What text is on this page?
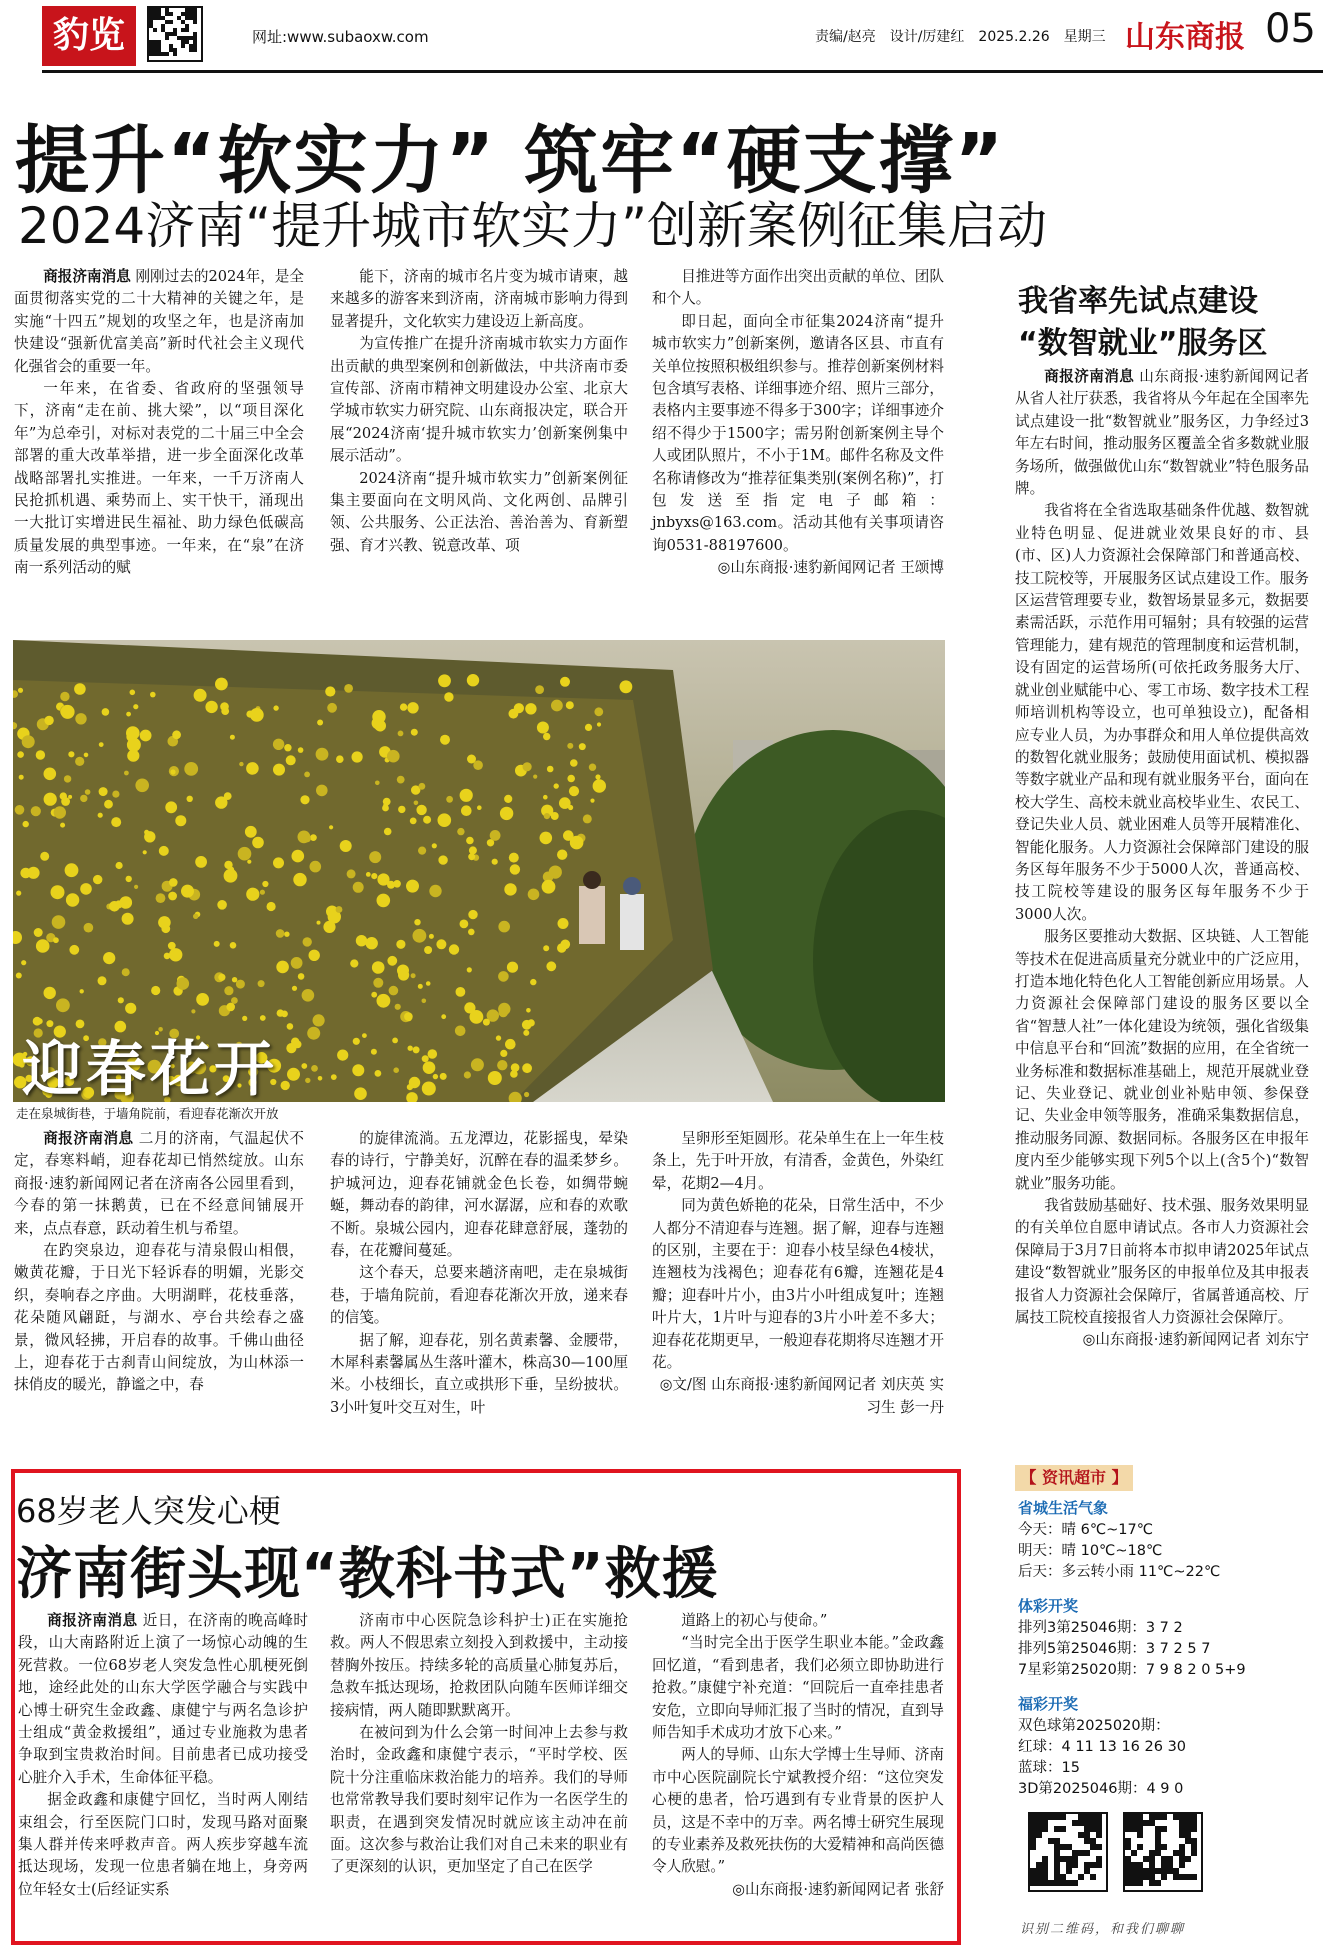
豹览	网址:www.subaoxw.com	责编/赵亮　设计/厉建红　2025.2.26　星期三 山东商报 05
提升“软实力” 筑牢“硬支撑”
2024济南“提升城市软实力”创新案例征集启动

商报济南消息 刚刚过去的2024年，是全面贯彻落实党的二十大精神的关键之年，是实施“十四五”规划的攻坚之年，也是济南加快建设“强新优富美高”新时代社会主义现代化强省会的重要一年。

一年来，在省委、省政府的坚强领导下，济南“走在前、挑大梁”，以“项目深化年”为总牵引，对标对表党的二十届三中全会部署的重大改革举措，进一步全面深化改革战略部署扎实推进。一年来，一千万济南人民抢抓机遇、乘势而上、实干快干，涌现出一大批订实增进民生福祉、助力绿色低碳高质量发展的典型事迹。一年来，在“泉”在济南一系列活动的赋

能下，济南的城市名片变为城市请柬，越来越多的游客来到济南，济南城市影响力得到显著提升，文化软实力建设迈上新高度。

为宣传推广在提升济南城市软实力方面作出贡献的典型案例和创新做法，中共济南市委宣传部、济南市精神文明建设办公室、北京大学城市软实力研究院、山东商报决定，联合开展“2024济南‘提升城市软实力’创新案例集中展示活动”。

2024济南“提升城市软实力”创新案例征集主要面向在文明风尚、文化两创、品牌引领、公共服务、公正法治、善治善为、育新塑强、育才兴教、锐意改革、项

目推进等方面作出突出贡献的单位、团队和个人。

即日起，面向全市征集2024济南“提升城市软实力”创新案例，邀请各区县、市直有关单位按照积极组织参与。推荐创新案例材料包含填写表格、详细事迹介绍、照片三部分，表格内主要事迹不得多于300字；详细事迹介绍不得少于1500字；需另附创新案例主导个人或团队照片，不小于1M。邮件名称及文件名称请修改为“推荐征集类别(案例名称)”，打包发送至指定电子邮箱：jnbyxs@163.com。活动其他有关事项请咨询0531-88197600。

◎山东商报·速豹新闻网记者 王颂博

我省率先试点建设
“数智就业”服务区

商报济南消息 山东商报·速豹新闻网记者从省人社厅获悉，我省将从今年起在全国率先试点建设一批“数智就业”服务区，力争经过3年左右时间，推动服务区覆盖全省多数就业服务场所，做强做优山东“数智就业”特色服务品牌。

我省将在全省选取基础条件优越、数智就业特色明显、促进就业效果良好的市、县(市、区)人力资源社会保障部门和普通高校、技工院校等，开展服务区试点建设工作。服务区运营管理要专业，数智场景显多元，数据要素需活跃，示范作用可辐射；具有较强的运营管理能力，建有规范的管理制度和运营机制，设有固定的运营场所(可依托政务服务大厅、就业创业赋能中心、零工市场、数字技术工程师培训机构等设立，也可单独设立)，配备相应专业人员，为办事群众和用人单位提供高效的数智化就业服务；鼓励使用面试机、模拟器等数字就业产品和现有就业服务平台，面向在校大学生、高校未就业高校毕业生、农民工、登记失业人员、就业困难人员等开展精准化、智能化服务。人力资源社会保障部门建设的服务区每年服务不少于5000人次，普通高校、技工院校等建设的服务区每年服务不少于3000人次。

服务区要推动大数据、区块链、人工智能等技术在促进高质量充分就业中的广泛应用，打造本地化特色化人工智能创新应用场景。人力资源社会保障部门建设的服务区要以全省“智慧人社”一体化建设为统领，强化省级集中信息平台和“回流”数据的应用，在全省统一业务标准和数据标准基础上，规范开展就业登记、失业登记、就业创业补贴申领、参保登记、失业金申领等服务，准确采集数据信息，推动服务同源、数据同标。各服务区在申报年度内至少能够实现下列5个以上(含5个)“数智就业”服务功能。

我省鼓励基础好、技术强、服务效果明显的有关单位自愿申请试点。各市人力资源社会保障局于3月7日前将本市拟申请2025年试点建设“数智就业”服务区的申报单位及其申报表报省人力资源社会保障厅，省属普通高校、厅属技工院校直接报省人力资源社会保障厅。

◎山东商报·速豹新闻网记者 刘东宁

迎春花开
走在泉城街巷，于墙角院前，看迎春花渐次开放

商报济南消息 二月的济南，气温起伏不定，春寒料峭，迎春花却已悄然绽放。山东商报·速豹新闻网记者在济南各公园里看到，今春的第一抹鹅黄，已在不经意间铺展开来，点点春意，跃动着生机与希望。

在趵突泉边，迎春花与清泉假山相偎，嫩黄花瓣，于日光下轻诉春的明媚，光影交织，奏响春之序曲。大明湖畔，花枝垂落，花朵随风翩跹，与湖水、亭台共绘春之盛景，微风轻拂，开启春的故事。千佛山曲径上，迎春花于古刹青山间绽放，为山林添一抹俏皮的暖光，静谧之中，春

的旋律流淌。五龙潭边，花影摇曳，晕染春的诗行，宁静美好，沉醉在春的温柔梦乡。护城河边，迎春花铺就金色长卷，如绸带蜿蜒，舞动春的韵律，河水潺潺，应和春的欢歌不断。泉城公园内，迎春花肆意舒展，蓬勃的春，在花瓣间蔓延。

这个春天，总要来趟济南吧，走在泉城街巷，于墙角院前，看迎春花渐次开放，递来春的信笺。

据了解，迎春花，别名黄素馨、金腰带，木犀科素馨属丛生落叶灌木，株高30—100厘米。小枝细长，直立或拱形下垂，呈纷披状。3小叶复叶交互对生，叶

呈卵形至矩圆形。花朵单生在上一年生枝条上，先于叶开放，有清香，金黄色，外染红晕，花期2—4月。

同为黄色娇艳的花朵，日常生活中，不少人都分不清迎春与连翘。据了解，迎春与连翘的区别，主要在于：迎春小枝呈绿色4棱状，连翘枝为浅褐色；迎春花有6瓣，连翘花是4瓣；迎春叶片小，由3片小叶组成复叶；连翘叶片大，1片叶与迎春的3片小叶差不多大；迎春花花期更早，一般迎春花期将尽连翘才开花。

◎文/图 山东商报·速豹新闻网记者 刘庆英 实习生 彭一丹

68岁老人突发心梗
济南街头现“教科书式”救援

商报济南消息 近日，在济南的晚高峰时段，山大南路附近上演了一场惊心动魄的生死营救。一位68岁老人突发急性心肌梗死倒地，途经此处的山东大学医学融合与实践中心博士研究生金政鑫、康健宁与两名急诊护士组成“黄金救援组”，通过专业施救为患者争取到宝贵救治时间。目前患者已成功接受心脏介入手术，生命体征平稳。

据金政鑫和康健宁回忆，当时两人刚结束组会，行至医院门口时，发现马路对面聚集人群并传来呼救声音。两人疾步穿越车流抵达现场，发现一位患者躺在地上，身旁两位年轻女士(后经证实系

济南市中心医院急诊科护士)正在实施抢救。两人不假思索立刻投入到救援中，主动接替胸外按压。持续多轮的高质量心肺复苏后，急救车抵达现场，抢救团队向随车医师详细交接病情，两人随即默默离开。

在被问到为什么会第一时间冲上去参与救治时，金政鑫和康健宁表示，“平时学校、医院十分注重临床救治能力的培养。我们的导师也常常教导我们要时刻牢记作为一名医学生的职责，在遇到突发情况时就应该主动冲在前面。这次参与救治让我们对自己未来的职业有了更深刻的认识，更加坚定了自己在医学

道路上的初心与使命。”

“当时完全出于医学生职业本能。”金政鑫回忆道，“看到患者，我们必须立即协助进行抢救。”康健宁补充道：“回院后一直牵挂患者安危，立即向导师汇报了当时的情况，直到导师告知手术成功才放下心来。”

两人的导师、山东大学博士生导师、济南市中心医院副院长宁斌教授介绍：“这位突发心梗的患者，恰巧遇到有专业背景的医护人员，这是不幸中的万幸。两名博士研究生展现的专业素养及救死扶伤的大爱精神和高尚医德令人欣慰。”

◎山东商报·速豹新闻网记者 张舒

【 资讯超市 】
省城生活气象
今天：晴 6℃~17℃
明天：晴 10℃~18℃
后天：多云转小雨 11℃~22℃
体彩开奖
排列3第25046期：3 7 2
排列5第25046期：3 7 2 5 7
7星彩第25020期：7 9 8 2 0 5+9
福彩开奖
双色球第2025020期：
红球：4 11 13 16 26 30
蓝球：15
3D第2025046期：4 9 0
识别二维码，和我们聊聊
